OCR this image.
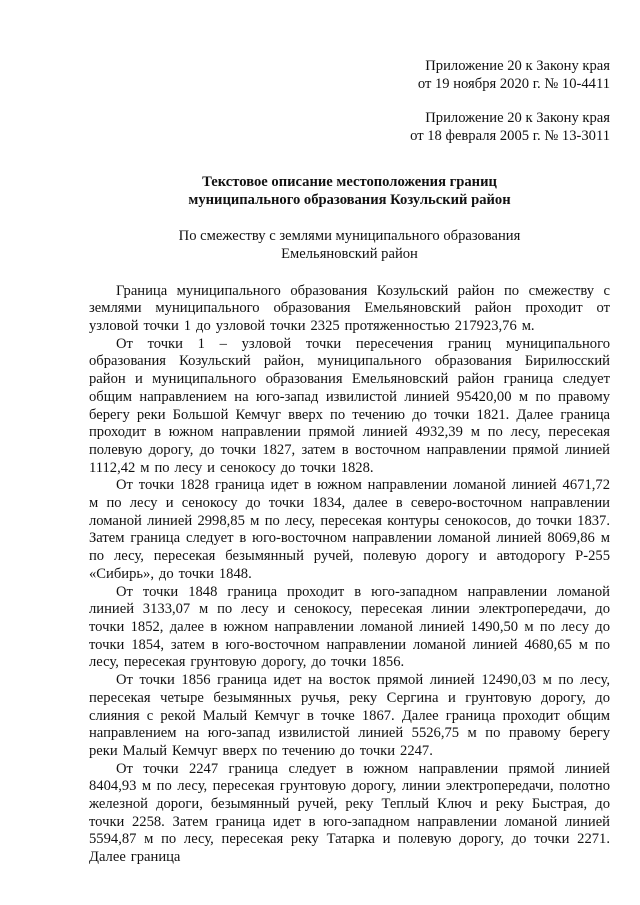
Приложение 20 к Закону края

от 19 ноября 2020 г. № 10-4411

Приложение 20 к Закону края

от 18 февраля 2005 г. № 13-3011

Текстовое описание местоположения границ

муниципального образования Козульский район

По смежеству с землями муниципального образования

Емельяновский район

Граница муниципального образования Козульский район по смежеству с землями муниципального образования Емельяновский район проходит от узловой точки 1 до узловой точки 2325 протяженностью 217923,76 м.

От точки 1 – узловой точки пересечения границ муниципального образования Козульский район, муниципального образования Бирилюсский район и муниципального образования Емельяновский район граница следует общим направлением на юго-запад извилистой линией 95420,00 м по правому берегу реки Большой Кемчуг вверх по течению до точки 1821. Далее граница проходит в южном направлении прямой линией 4932,39 м по лесу, пересекая полевую дорогу, до точки 1827, затем в восточном направлении прямой линией 1112,42 м по лесу и сенокосу до точки 1828.

От точки 1828 граница идет в южном направлении ломаной линией 4671,72 м по лесу и сенокосу до точки 1834, далее в северо-восточном направлении ломаной линией 2998,85 м по лесу, пересекая контуры сенокосов, до точки 1837. Затем граница следует в юго-восточном направлении ломаной линией 8069,86 м по лесу, пересекая безымянный ручей, полевую дорогу и автодорогу Р-255 «Сибирь», до точки 1848.

От точки 1848 граница проходит в юго-западном направлении ломаной линией 3133,07 м по лесу и сенокосу, пересекая линии электропередачи, до точки 1852, далее в южном направлении ломаной линией 1490,50 м по лесу до точки 1854, затем в юго-восточном направлении ломаной линией 4680,65 м по лесу, пересекая грунтовую дорогу, до точки 1856.

От точки 1856 граница идет на восток прямой линией 12490,03 м по лесу, пересекая четыре безымянных ручья, реку Сергина и грунтовую дорогу, до слияния с рекой Малый Кемчуг в точке 1867. Далее граница проходит общим направлением на юго-запад извилистой линией 5526,75 м по правому берегу реки Малый Кемчуг вверх по течению до точки 2247.

От точки 2247 граница следует в южном направлении прямой линией 8404,93 м по лесу, пересекая грунтовую дорогу, линии электропередачи, полотно железной дороги, безымянный ручей, реку Теплый Ключ и реку Быстрая, до точки 2258. Затем граница идет в юго-западном направлении ломаной линией 5594,87 м по лесу, пересекая реку Татарка и полевую дорогу, до точки 2271. Далее граница
